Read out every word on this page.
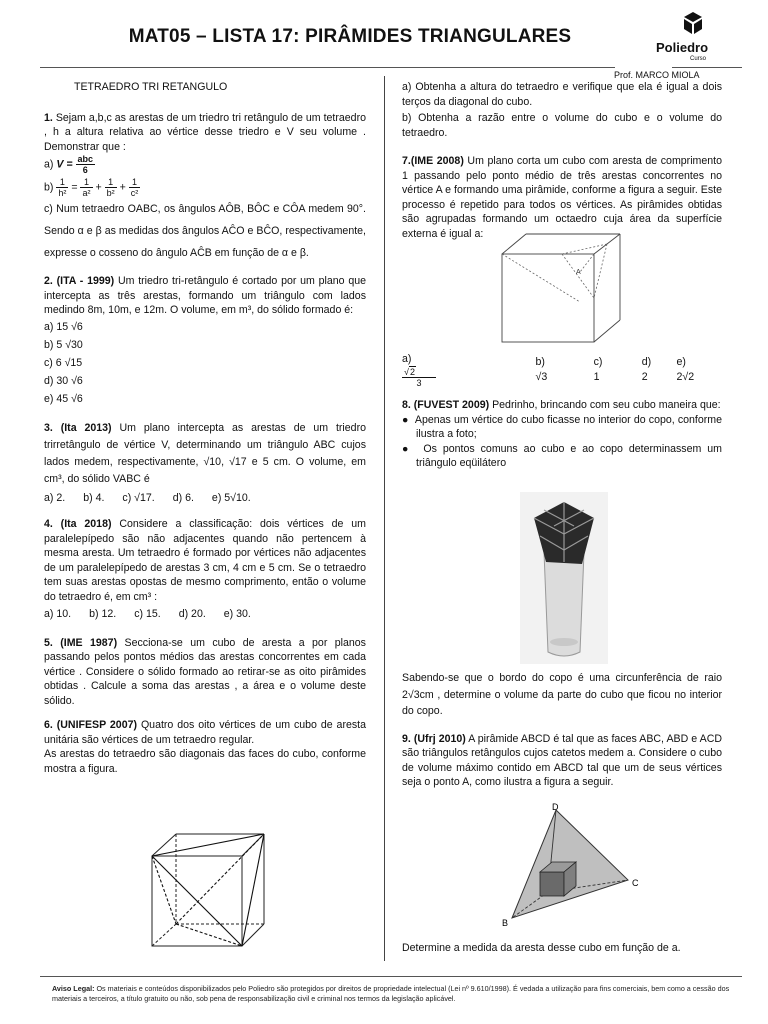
MAT05 – LISTA 17: PIRÂMIDES TRIANGULARES
Poliedro
Curso
Prof. MARCO MIOLA

TETRAEDRO TRI RETANGULO

1. Sejam a,b,c as arestas de um triedro tri retângulo de um tetraedro , h a altura relativa ao vértice desse triedro e V seu volume . Demonstrar que :

a) $V = \frac{\text{abc}}{6}$

$b) \frac{1}{\text{h²}} = \frac{1}{\text{a²}} + \frac{1}{\text{b²}} + \frac{1}{\text{c²}}$

c) Num tetraedro OABC, os ângulos AÔB, BÔC e CÔA medem 90°. Sendo α e β as medidas dos ângulos AĈO e BĈO, respectivamente, expresse o cosseno do ângulo AĈB em função de α e β.

2. (ITA - 1999) Um triedro tri-retângulo é cortado por um plano que intercepta as três arestas, formando um triângulo com lados medindo 8m, 10m, e 12m. O volume, em m³, do sólido formado é:

a) 15 √6

b) 5 √30

c) 6 √15

d) 30 √6

e) 45 √6

3. (Ita 2013) Um plano intercepta as arestas de um triedro trirretângulo de vértice V, determinando um triângulo ABC cujos lados medem, respectivamente, √10, √17 e 5 cm. O volume, em cm³, do sólido VABC é

a) 2. b) 4. c) √17. d) 6. e) 5√10.

4. (Ita 2018) Considere a classificação: dois vértices de um paralelepípedo são não adjacentes quando não pertencem à mesma aresta. Um tetraedro é formado por vértices não adjacentes de um paralelepípedo de arestas 3 cm, 4 cm e 5 cm. Se o tetraedro tem suas arestas opostas de mesmo comprimento, então o volume do tetraedro é, em cm³ :

a) 10. b) 12. c) 15. d) 20. e) 30.

5. (IME 1987) Secciona-se um cubo de aresta a por planos passando pelos pontos médios das arestas concorrentes em cada vértice . Considere o sólido formado ao retirar-se as oito pirâmides obtidas . Calcule a soma das arestas , a área e o volume deste sólido.

6. (UNIFESP 2007) Quatro dos oito vértices de um cubo de aresta unitária são vértices de um tetraedro regular.

As arestas do tetraedro são diagonais das faces do cubo, conforme mostra a figura.

a) Obtenha a altura do tetraedro e verifique que ela é igual a dois terços da diagonal do cubo.

b) Obtenha a razão entre o volume do cubo e o volume do tetraedro.

7.(IME 2008) Um plano corta um cubo com aresta de comprimento 1 passando pelo ponto médio de três arestas concorrentes no vértice A e formando uma pirâmide, conforme a figura a seguir. Este processo é repetido para todos os vértices. As pirâmides obtidas são agrupadas formando um octaedro cuja área da superfície externa é igual a:

A
a)
$\frac{√2}{3}$
b) √3
c) 1
d) 2
e) 2√2

8. (FUVEST 2009) Pedrinho, brincando com seu cubo maneira que:

●  Apenas um vértice do cubo ficasse no interior do copo, conforme ilustra a foto;

●  Os pontos comuns ao cubo e ao copo determinassem um triângulo eqüilátero

Sabendo-se que o bordo do copo é uma circunferência de raio 2√3cm , determine o volume da parte do cubo que ficou no interior do copo.

9. (Ufrj 2010) A pirâmide ABCD é tal que as faces ABC, ABD e ACD são triângulos retângulos cujos catetos medem a. Considere o cubo de volume máximo contido em ABCD tal que um de seus vértices seja o ponto A, como ilustra a figura a seguir.

D
C
B

Determine a medida da aresta desse cubo em função de a.

Aviso Legal: Os materiais e conteúdos disponibilizados pelo Poliedro são protegidos por direitos de propriedade intelectual (Lei nº 9.610/1998). É vedada a utilização para fins comerciais, bem como a cessão dos materiais a terceiros, a título gratuito ou não, sob pena de responsabilização civil e criminal nos termos da legislação aplicável.
